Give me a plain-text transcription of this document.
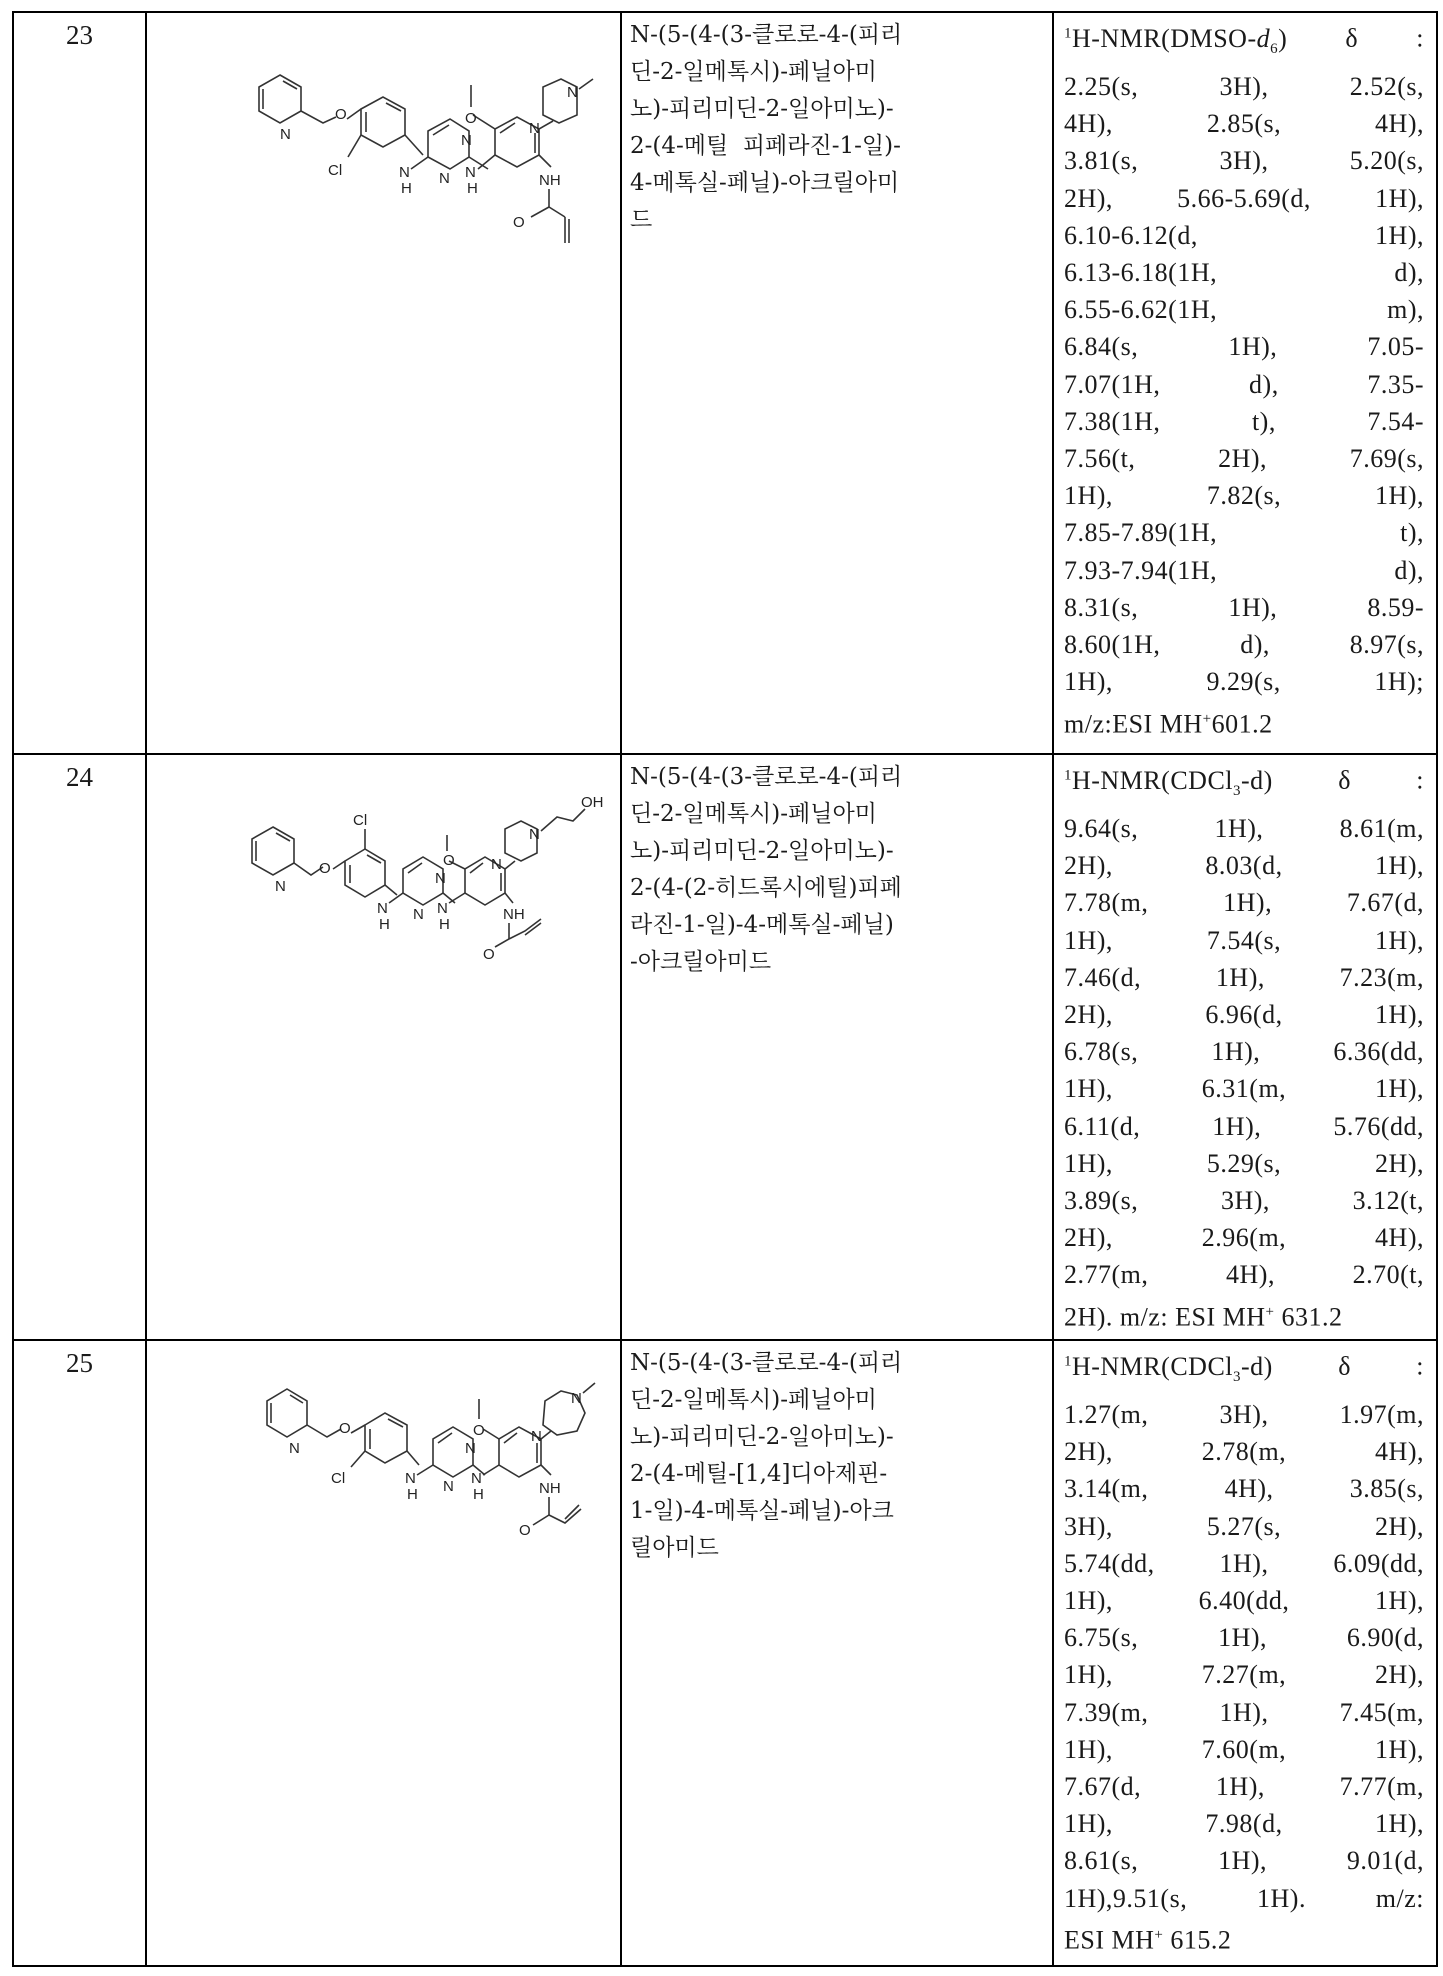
23

N
O
Cl	N
H
N
N N
H
O
N
N
NH
O

N-(5-(4-(3-클로로-4-(피리
딘-2-일메톡시)-페닐아미
노)-피리미딘-2-일아미노)-
2-(4-메틸  피페라진-1-일)-
4-메톡실-페닐)-아크릴아미
드

$^1H-NMR(DMSO-d_6)$ δ :
2.25(s, 3H), 2.52(s,
4H), 2.85(s, 4H),
3.81(s, 3H), 5.20(s,
2H), 5.66-5.69(d, 1H),
6.10-6.12(d, 1H),
6.13-6.18(1H, d),
6.55-6.62(1H, m),
6.84(s, 1H), 7.05-
7.07(1H, d), 7.35-
7.38(1H, t), 7.54-
7.56(t, 2H), 7.69(s,
1H), 7.82(s, 1H),
7.85-7.89(1H, t),
7.93-7.94(1H, d),
8.31(s, 1H), 8.59-
8.60(1H, d), 8.97(s,
1H), 9.29(s, 1H);
m/z:ESI MH+601.2

24

N
O
Cl
N
H
N
N N
H
O N
N
OH
NH
O

N-(5-(4-(3-클로로-4-(피리
딘-2-일메톡시)-페닐아미
노)-피리미딘-2-일아미노)-
2-(4-(2-히드록시에틸)피페
라진-1-일)-4-메톡실-페닐)
-아크릴아미드

$^1$H-NMR(CDCl$_3$-d)	δ :
9.64(s, 1H), 8.61(m,
2H), 8.03(d, 1H),
7.78(m, 1H), 7.67(d,
1H), 7.54(s, 1H),
7.46(d, 1H), 7.23(m,
2H), 6.96(d, 1H),
6.78(s, 1H), 6.36(dd,
1H), 6.31(m, 1H),
6.11(d, 1H), 5.76(dd,
1H), 5.29(s, 2H),
3.89(s, 3H), 3.12(t,
2H), 2.96(m, 4H),
2.77(m, 4H), 2.70(t,
2H). m/z: ESI MH+ 631.2

25

N
O
Cl	N
H
N
N N
H
O	N
N
NH
O

N-(5-(4-(3-클로로-4-(피리
딘-2-일메톡시)-페닐아미
노)-피리미딘-2-일아미노)-
2-(4-메틸-[1,4]디아제핀-
1-일)-4-메톡실-페닐)-아크
릴아미드

$^1$H-NMR(CDCl$_3$-d)	δ :
1.27(m, 3H), 1.97(m,
2H), 2.78(m, 4H),
3.14(m, 4H), 3.85(s,
3H), 5.27(s, 2H),
5.74(dd, 1H), 6.09(dd,
1H), 6.40(dd, 1H),
6.75(s, 1H), 6.90(d,
1H), 7.27(m, 2H),
7.39(m, 1H), 7.45(m,
1H), 7.60(m, 1H),
7.67(d, 1H), 7.77(m,
1H), 7.98(d, 1H),
8.61(s, 1H), 9.01(d,
1H),9.51(s, 1H). m/z:
ESI MH+ 615.2
